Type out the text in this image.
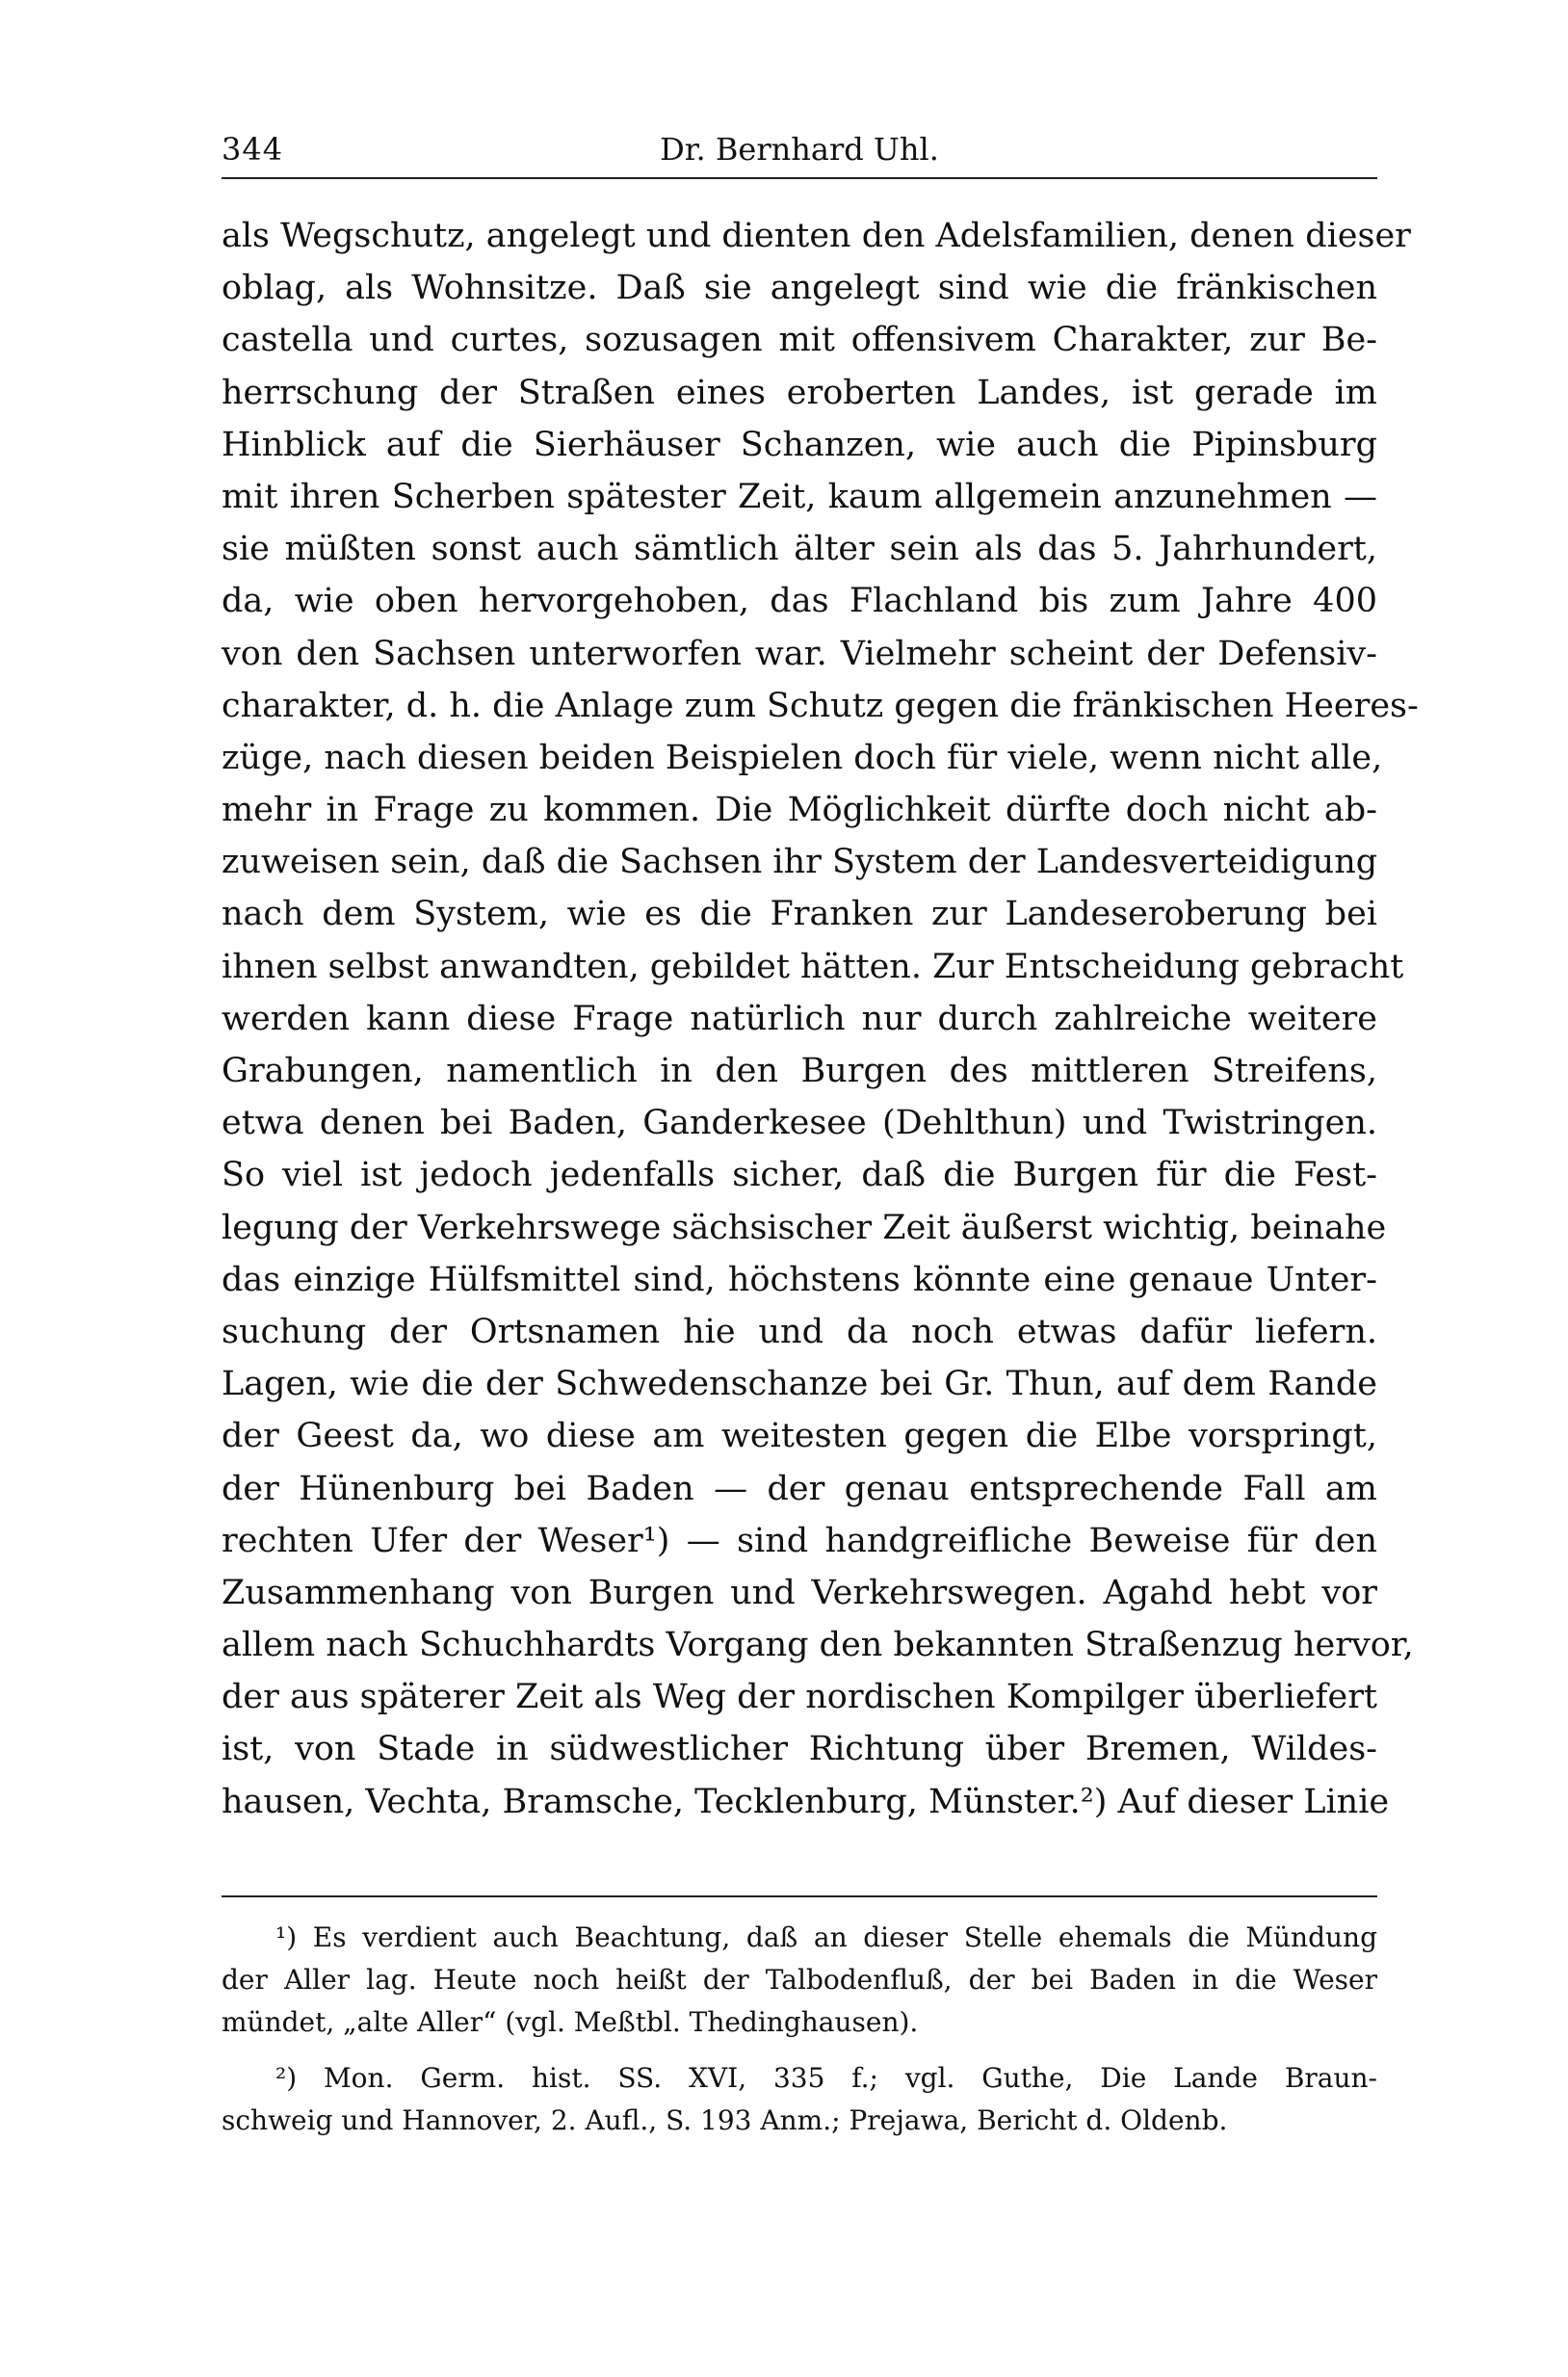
344	Dr. Bernhard Uhl.
als Wegschutz, angelegt und dienten den Adelsfamilien, denen dieser
oblag, als Wohnsitze. Daß sie angelegt sind wie die fränkischen
castella und curtes, sozusagen mit offensivem Charakter, zur Be-
herrschung der Straßen eines eroberten Landes, ist gerade im
Hinblick auf die Sierhäuser Schanzen, wie auch die Pipinsburg
mit ihren Scherben spätester Zeit, kaum allgemein anzunehmen —
sie müßten sonst auch sämtlich älter sein als das 5. Jahrhundert,
da, wie oben hervorgehoben, das Flachland bis zum Jahre 400
von den Sachsen unterworfen war. Vielmehr scheint der Defensiv-
charakter, d. h. die Anlage zum Schutz gegen die fränkischen Heeres-
züge, nach diesen beiden Beispielen doch für viele, wenn nicht alle,
mehr in Frage zu kommen. Die Möglichkeit dürfte doch nicht ab-
zuweisen sein, daß die Sachsen ihr System der Landesverteidigung
nach dem System, wie es die Franken zur Landeseroberung bei
ihnen selbst anwandten, gebildet hätten. Zur Entscheidung gebracht
werden kann diese Frage natürlich nur durch zahlreiche weitere
Grabungen, namentlich in den Burgen des mittleren Streifens,
etwa denen bei Baden, Ganderkesee (Dehlthun) und Twistringen.
So viel ist jedoch jedenfalls sicher, daß die Burgen für die Fest-
legung der Verkehrswege sächsischer Zeit äußerst wichtig, beinahe
das einzige Hülfsmittel sind, höchstens könnte eine genaue Unter-
suchung der Ortsnamen hie und da noch etwas dafür liefern.
Lagen, wie die der Schwedenschanze bei Gr. Thun, auf dem Rande
der Geest da, wo diese am weitesten gegen die Elbe vorspringt,
der Hünenburg bei Baden — der genau entsprechende Fall am
rechten Ufer der Weser¹) — sind handgreifliche Beweise für den
Zusammenhang von Burgen und Verkehrswegen. Agahd hebt vor
allem nach Schuchhardts Vorgang den bekannten Straßenzug hervor,
der aus späterer Zeit als Weg der nordischen Kompilger überliefert
ist, von Stade in südwestlicher Richtung über Bremen, Wildes-
hausen, Vechta, Bramsche, Tecklenburg, Münster.²) Auf dieser Linie
¹) Es verdient auch Beachtung, daß an dieser Stelle ehemals die Mündung
der Aller lag. Heute noch heißt der Talbodenfluß, der bei Baden in die Weser
mündet, „alte Aller“ (vgl. Meßtbl. Thedinghausen).
²) Mon. Germ. hist. SS. XVI, 335 f.; vgl. Guthe, Die Lande Braun-
schweig und Hannover, 2. Aufl., S. 193 Anm.; Prejawa, Bericht d. Oldenb.
